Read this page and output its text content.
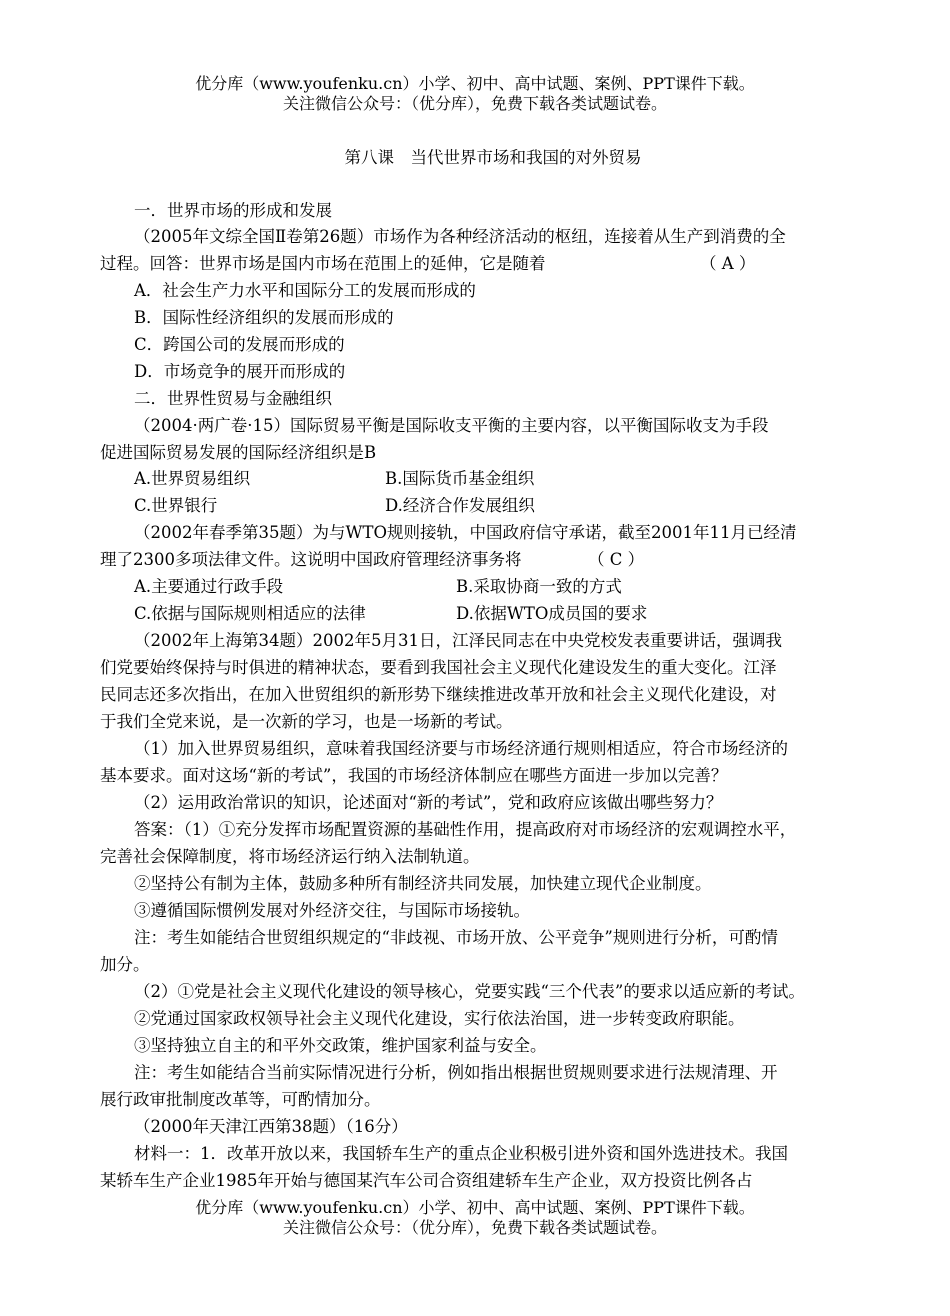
优分库（www.youfenku.cn）小学、初中、高中试题、案例、PPT课件下载。
关注微信公众号：（优分库），免费下载各类试题试卷。
第八课　当代世界市场和我国的对外贸易
一．世界市场的形成和发展
（2005年文综全国Ⅱ卷第26题）市场作为各种经济活动的枢纽，连接着从生产到消费的全
过程。回答：世界市场是国内市场在范围上的延伸，它是随着	（ A ）
A．社会生产力水平和国际分工的发展而形成的
B．国际性经济组织的发展而形成的
C．跨国公司的发展而形成的
D．市场竞争的展开而形成的
二．世界性贸易与金融组织
（2004·两广卷·15）国际贸易平衡是国际收支平衡的主要内容，以平衡国际收支为手段
促进国际贸易发展的国际经济组织是B
A.世界贸易组织	B.国际货币基金组织
C.世界银行	D.经济合作发展组织
（2002年春季第35题）为与WTO规则接轨，中国政府信守承诺，截至2001年11月已经清
理了2300多项法律文件。这说明中国政府管理经济事务将	（ C ）
A.主要通过行政手段	B.采取协商一致的方式
C.依据与国际规则相适应的法律	D.依据WTO成员国的要求
（2002年上海第34题）2002年5月31日，江泽民同志在中央党校发表重要讲话，强调我
们党要始终保持与时俱进的精神状态，要看到我国社会主义现代化建设发生的重大变化。江泽
民同志还多次指出，在加入世贸组织的新形势下继续推进改革开放和社会主义现代化建设，对
于我们全党来说，是一次新的学习，也是一场新的考试。
（1）加入世界贸易组织，意味着我国经济要与市场经济通行规则相适应，符合市场经济的
基本要求。面对这场“新的考试”，我国的市场经济体制应在哪些方面进一步加以完善？
（2）运用政治常识的知识，论述面对“新的考试”，党和政府应该做出哪些努力？
答案：（1）①充分发挥市场配置资源的基础性作用，提高政府对市场经济的宏观调控水平，
完善社会保障制度，将市场经济运行纳入法制轨道。
②坚持公有制为主体，鼓励多种所有制经济共同发展，加快建立现代企业制度。
③遵循国际惯例发展对外经济交往，与国际市场接轨。
注：考生如能结合世贸组织规定的“非歧视、市场开放、公平竞争”规则进行分析，可酌情
加分。
（2）①党是社会主义现代化建设的领导核心，党要实践“三个代表”的要求以适应新的考试。
②党通过国家政权领导社会主义现代化建设，实行依法治国，进一步转变政府职能。
③坚持独立自主的和平外交政策，维护国家利益与安全。
注：考生如能结合当前实际情况进行分析，例如指出根据世贸规则要求进行法规清理、开
展行政审批制度改革等，可酌情加分。
（2000年天津江西第38题）（16分）
材料一：1．改革开放以来，我国轿车生产的重点企业积极引进外资和国外选进技术。我国
某轿车生产企业1985年开始与德国某汽车公司合资组建轿车生产企业，双方投资比例各占
优分库（www.youfenku.cn）小学、初中、高中试题、案例、PPT课件下载。
关注微信公众号：（优分库），免费下载各类试题试卷。
